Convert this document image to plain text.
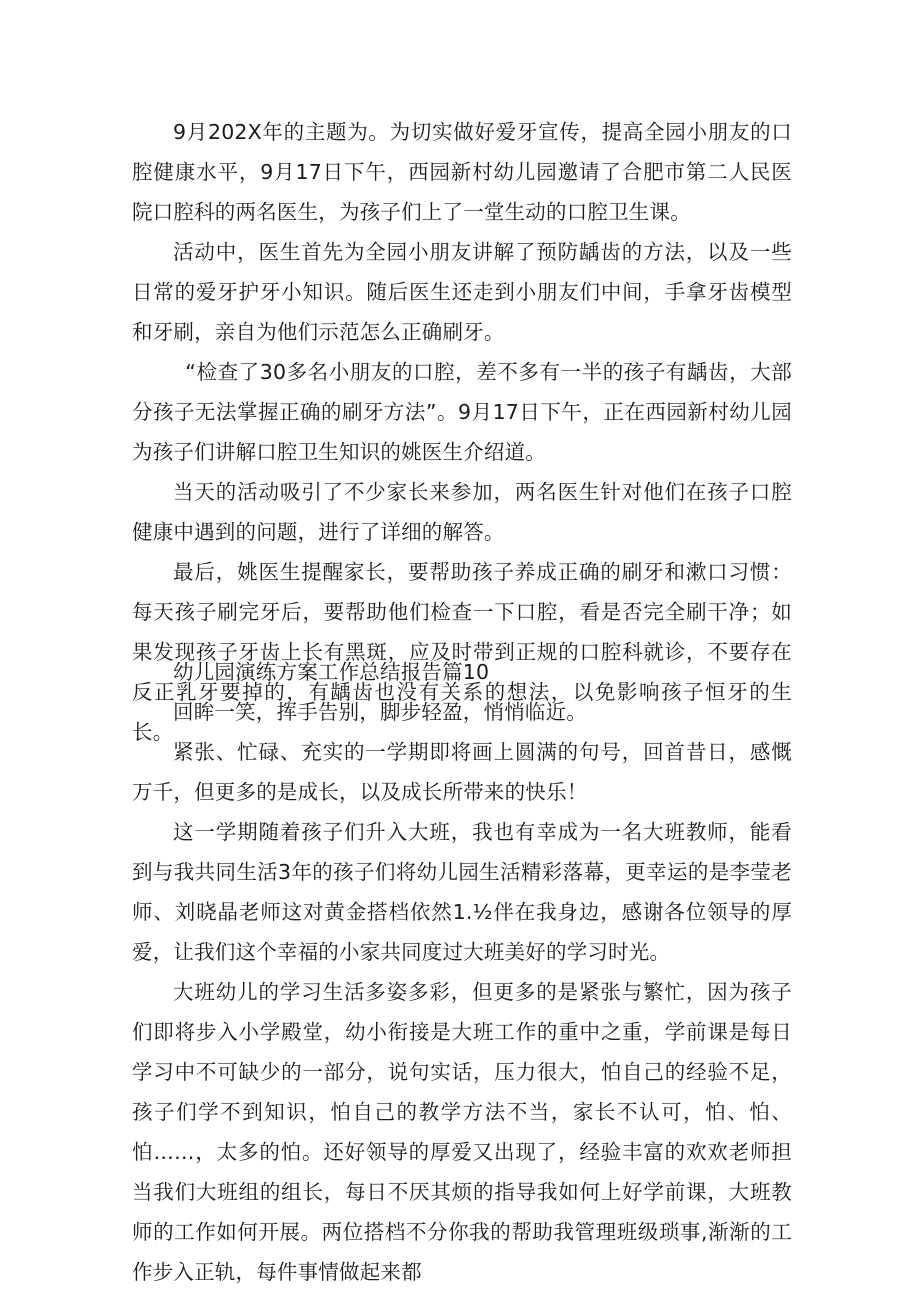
9月202X年的主题为。为切实做好爱牙宣传，提高全园小朋友的口腔健康水平，9月17日下午，西园新村幼儿园邀请了合肥市第二人民医院口腔科的两名医生，为孩子们上了一堂生动的口腔卫生课。

活动中，医生首先为全园小朋友讲解了预防龋齿的方法，以及一些日常的爱牙护牙小知识。随后医生还走到小朋友们中间，手拿牙齿模型和牙刷，亲自为他们示范怎么正确刷牙。

“检查了30多名小朋友的口腔，差不多有一半的孩子有龋齿，大部分孩子无法掌握正确的刷牙方法”。9月17日下午，正在西园新村幼儿园为孩子们讲解口腔卫生知识的姚医生介绍道。

当天的活动吸引了不少家长来参加，两名医生针对他们在孩子口腔健康中遇到的问题，进行了详细的解答。

最后，姚医生提醒家长，要帮助孩子养成正确的刷牙和漱口习惯：每天孩子刷完牙后，要帮助他们检查一下口腔，看是否完全刷干净；如果发现孩子牙齿上长有黑斑，应及时带到正规的口腔科就诊，不要存在反正乳牙要掉的，有龋齿也没有关系的想法，以免影响孩子恒牙的生长。

幼儿园演练方案工作总结报告篇10

回眸一笑，挥手告别，脚步轻盈，悄悄临近。

紧张、忙碌、充实的一学期即将画上圆满的句号，回首昔日，感慨万千，但更多的是成长，以及成长所带来的快乐！

这一学期随着孩子们升入大班，我也有幸成为一名大班教师，能看到与我共同生活3年的孩子们将幼儿园生活精彩落幕，更幸运的是李莹老师、刘晓晶老师这对黄金搭档依然1.½伴在我身边，感谢各位领导的厚爱，让我们这个幸福的小家共同度过大班美好的学习时光。

大班幼儿的学习生活多姿多彩，但更多的是紧张与繁忙，因为孩子们即将步入小学殿堂，幼小衔接是大班工作的重中之重，学前课是每日学习中不可缺少的一部分，说句实话，压力很大，怕自己的经验不足，孩子们学不到知识，怕自己的教学方法不当，家长不认可，怕、怕、怕……，太多的怕。还好领导的厚爱又出现了，经验丰富的欢欢老师担当我们大班组的组长，每日不厌其烦的指导我如何上好学前课，大班教师的工作如何开展。两位搭档不分你我的帮助我管理班级琐事,渐渐的工作步入正轨，每件事情做起来都
